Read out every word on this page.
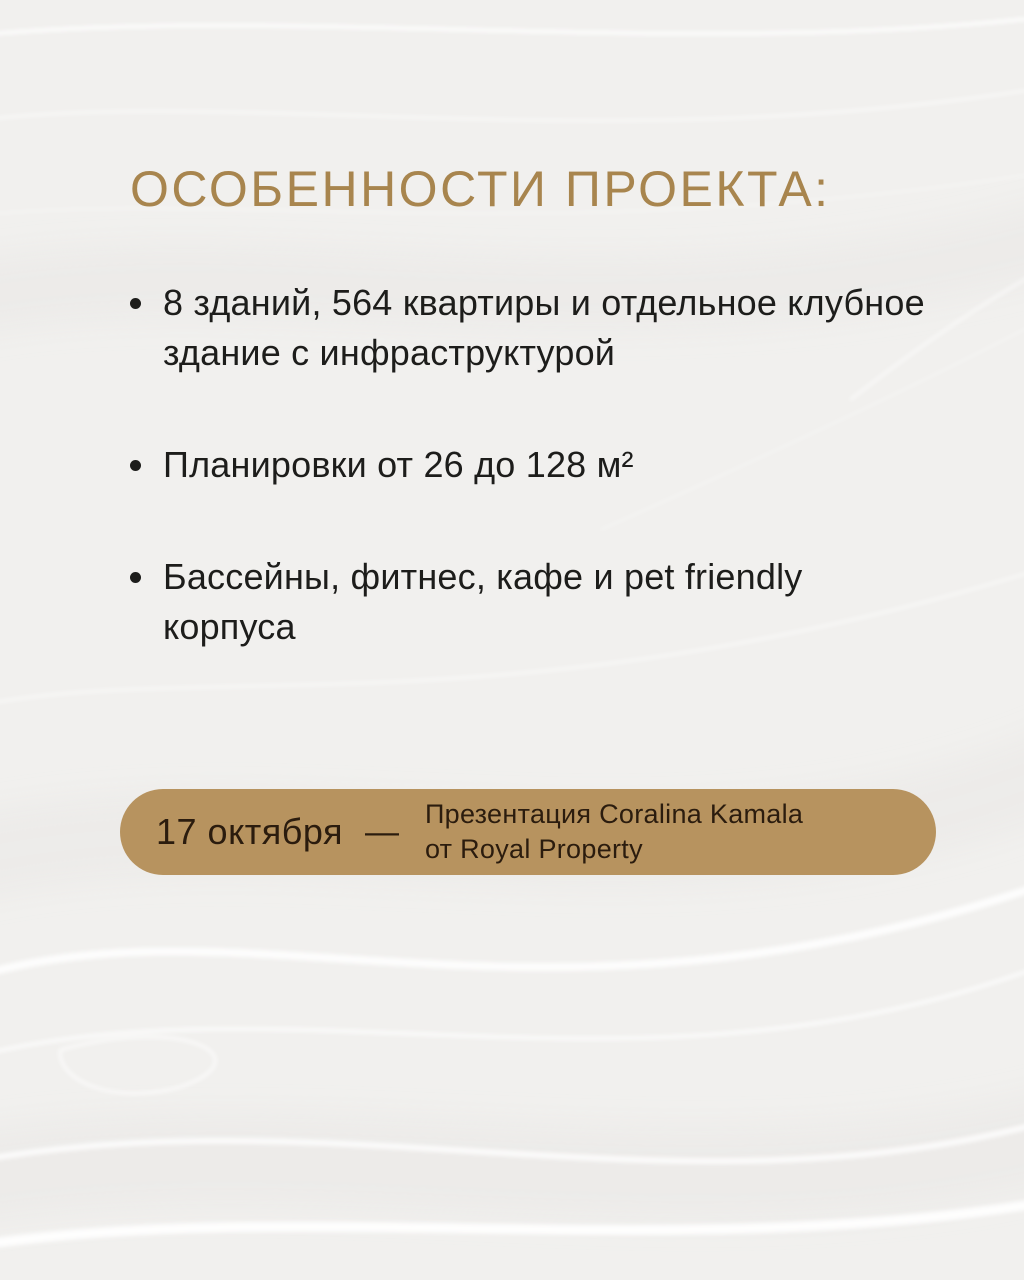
ОСОБЕННОСТИ ПРОЕКТА:
8 зданий, 564 квартиры и отдельное клубное здание с инфраструктурой
Планировки от 26 до 128 м²
Бассейны, фитнес, кафе и pet friendly корпуса
17 октября — Презентация Coralina Kamala
от Royal Property
